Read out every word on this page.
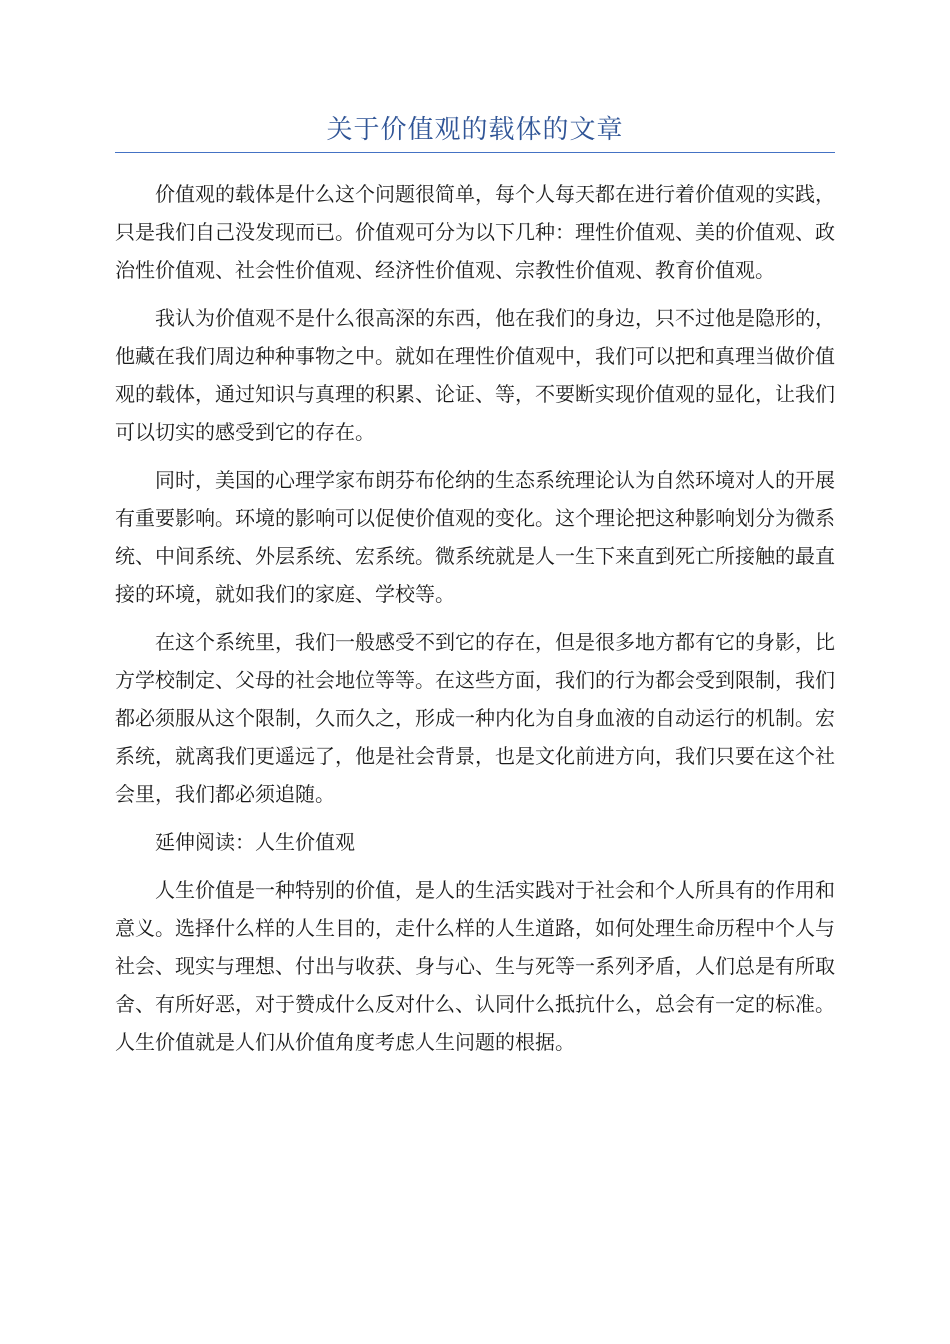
关于价值观的载体的文章

价值观的载体是什么这个问题很简单，每个人每天都在进行着价值观的实践，只是我们自己没发现而已。价值观可分为以下几种：理性价值观、美的价值观、政治性价值观、社会性价值观、经济性价值观、宗教性价值观、教育价值观。

我认为价值观不是什么很高深的东西，他在我们的身边，只不过他是隐形的，他藏在我们周边种种事物之中。就如在理性价值观中，我们可以把和真理当做价值观的载体，通过知识与真理的积累、论证、等，不要断实现价值观的显化，让我们可以切实的感受到它的存在。

同时，美国的心理学家布朗芬布伦纳的生态系统理论认为自然环境对人的开展有重要影响。环境的影响可以促使价值观的变化。这个理论把这种影响划分为微系统、中间系统、外层系统、宏系统。微系统就是人一生下来直到死亡所接触的最直接的环境，就如我们的家庭、学校等。

在这个系统里，我们一般感受不到它的存在，但是很多地方都有它的身影，比方学校制定、父母的社会地位等等。在这些方面，我们的行为都会受到限制，我们都必须服从这个限制，久而久之，形成一种内化为自身血液的自动运行的机制。宏系统，就离我们更遥远了，他是社会背景，也是文化前进方向，我们只要在这个社会里，我们都必须追随。

延伸阅读：人生价值观

人生价值是一种特别的价值，是人的生活实践对于社会和个人所具有的作用和意义。选择什么样的人生目的，走什么样的人生道路，如何处理生命历程中个人与社会、现实与理想、付出与收获、身与心、生与死等一系列矛盾，人们总是有所取舍、有所好恶，对于赞成什么反对什么、认同什么抵抗什么，总会有一定的标准。人生价值就是人们从价值角度考虑人生问题的根据。
